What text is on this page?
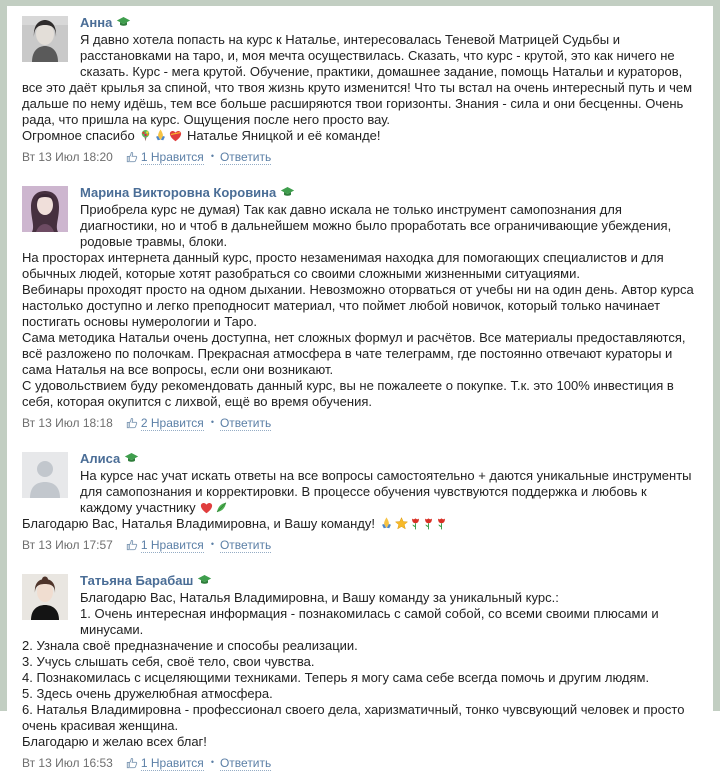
Анна
Я давно хотела попасть на курс к Наталье, интересовалась Теневой Матрицей Судьбы и расстановками на таро, и, моя мечта осуществилась. Сказать, что курс - крутой, это как ничего не сказать. Курс - мега крутой. Обучение, практики, домашнее задание, помощь Натальи и кураторов, все это даёт крылья за спиной, что твоя жизнь круто изменится! Что ты встал на очень интересный путь и чем дальше по нему идёшь, тем все больше расширяются твои горизонты. Знания - сила и они бесценны. Очень рада, что пришла на курс. Ощущения после него просто вау.
Огромное спасибо	Наталье Яницкой и её команде!
Вт 13 Июл 18:20 1 Нравится • Ответить
Марина Викторовна Коровина
Приобрела курс не думая) Так как давно искала не только инструмент самопознания для диагностики, но и чтоб в дальнейшем можно было проработать все ограничивающие убеждения, родовые травмы, блоки.
На просторах интернета данный курс, просто незаменимая находка для помогающих специалистов и для обычных людей, которые хотят разобраться со своими сложными жизненными ситуациями.
Вебинары проходят просто на одном дыхании. Невозможно оторваться от учебы ни на один день. Автор курса настолько доступно и легко преподносит материал, что поймет любой новичок, который только начинает постигать основы нумерологии и Таро.
Сама методика Натальи очень доступна, нет сложных формул и расчётов. Все материалы предоставляются, всё разложено по полочкам. Прекрасная атмосфера в чате телеграмм, где постоянно отвечают кураторы и сама Наталья на все вопросы, если они возникают.
С удовольствием буду рекомендовать данный курс, вы не пожалеете о покупке. Т.к. это 100% инвестиция в себя, которая окупится с лихвой, ещё во время обучения.
Вт 13 Июл 18:18 2 Нравится • Ответить
Алиса
На курсе нас учат искать ответы на все вопросы самостоятельно + даются уникальные инструменты для самопознания и корректировки. В процессе обучения чувствуются поддержка и любовь к каждому участнику
Благодарю Вас, Наталья Владимировна, и Вашу команду!
Вт 13 Июл 17:57 1 Нравится • Ответить
Татьяна Барабаш
Благодарю Вас, Наталья Владимировна, и Вашу команду за уникальный курс.:
1. Очень интересная информация - познакомилась с самой собой, со всеми своими плюсами и минусами.
2. Узнала своё предназначение и способы реализации.
3. Учусь слышать себя, своё тело, свои чувства.
4. Познакомилась с исцеляющими техниками. Теперь я могу сама себе всегда помочь и другим людям.
5. Здесь очень дружелюбная атмосфера.
6. Наталья Владимировна - профессионал своего дела, харизматичный, тонко чувсвующий человек и просто очень красивая женщина.
Благодарю и желаю всех благ!
Вт 13 Июл 16:53 1 Нравится • Ответить
